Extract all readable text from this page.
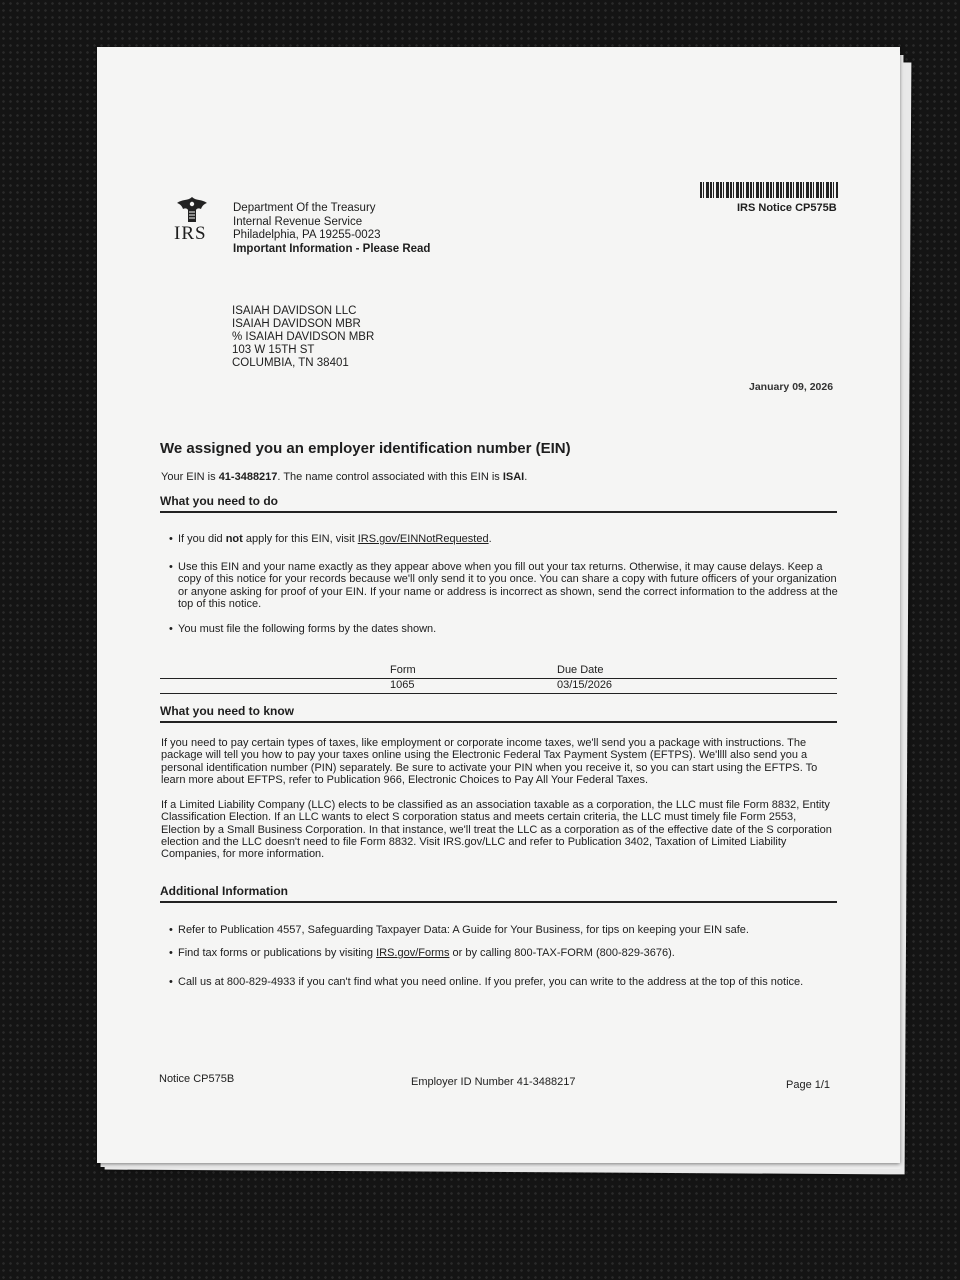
IRS
Department Of the Treasury
Internal Revenue Service
Philadelphia, PA 19255-0023
Important Information - Please Read
IRS Notice CP575B
ISAIAH DAVIDSON LLC
ISAIAH DAVIDSON MBR
% ISAIAH DAVIDSON MBR
103 W 15TH ST
COLUMBIA, TN 38401
January 09, 2026
We assigned you an employer identification number (EIN)
Your EIN is 41-3488217. The name control associated with this EIN is ISAI.
What you need to do
• If you did not apply for this EIN, visit IRS.gov/EINNotRequested.
• Use this EIN and your name exactly as they appear above when you fill out your tax returns. Otherwise, it may cause delays. Keep a copy of this notice for your records because we'll only send it to you once. You can share a copy with future officers of your organization or anyone asking for proof of your EIN. If your name or address is incorrect as shown, send the correct information to the address at the top of this notice.
• You must file the following forms by the dates shown.
Form	Due Date
1065	03/15/2026
What you need to know
If you need to pay certain types of taxes, like employment or corporate income taxes, we'll send you a package with instructions. The package will tell you how to pay your taxes online using the Electronic Federal Tax Payment System (EFTPS). We'llll also send you a personal identification number (PIN) separately. Be sure to activate your PIN when you receive it, so you can start using the EFTPS. To learn more about EFTPS, refer to Publication 966, Electronic Choices to Pay All Your Federal Taxes.
If a Limited Liability Company (LLC) elects to be classified as an association taxable as a corporation, the LLC must file Form 8832, Entity Classification Election. If an LLC wants to elect S corporation status and meets certain criteria, the LLC must timely file Form 2553, Election by a Small Business Corporation. In that instance, we'll treat the LLC as a corporation as of the effective date of the S corporation election and the LLC doesn't need to file Form 8832. Visit IRS.gov/LLC and refer to Publication 3402, Taxation of Limited Liability Companies, for more information.
Additional Information
• Refer to Publication 4557, Safeguarding Taxpayer Data: A Guide for Your Business, for tips on keeping your EIN safe.
• Find tax forms or publications by visiting IRS.gov/Forms or by calling 800-TAX-FORM (800-829-3676).
• Call us at 800-829-4933 if you can't find what you need online. If you prefer, you can write to the address at the top of this notice.
Notice CP575B	Employer ID Number 41-3488217	Page 1/1
